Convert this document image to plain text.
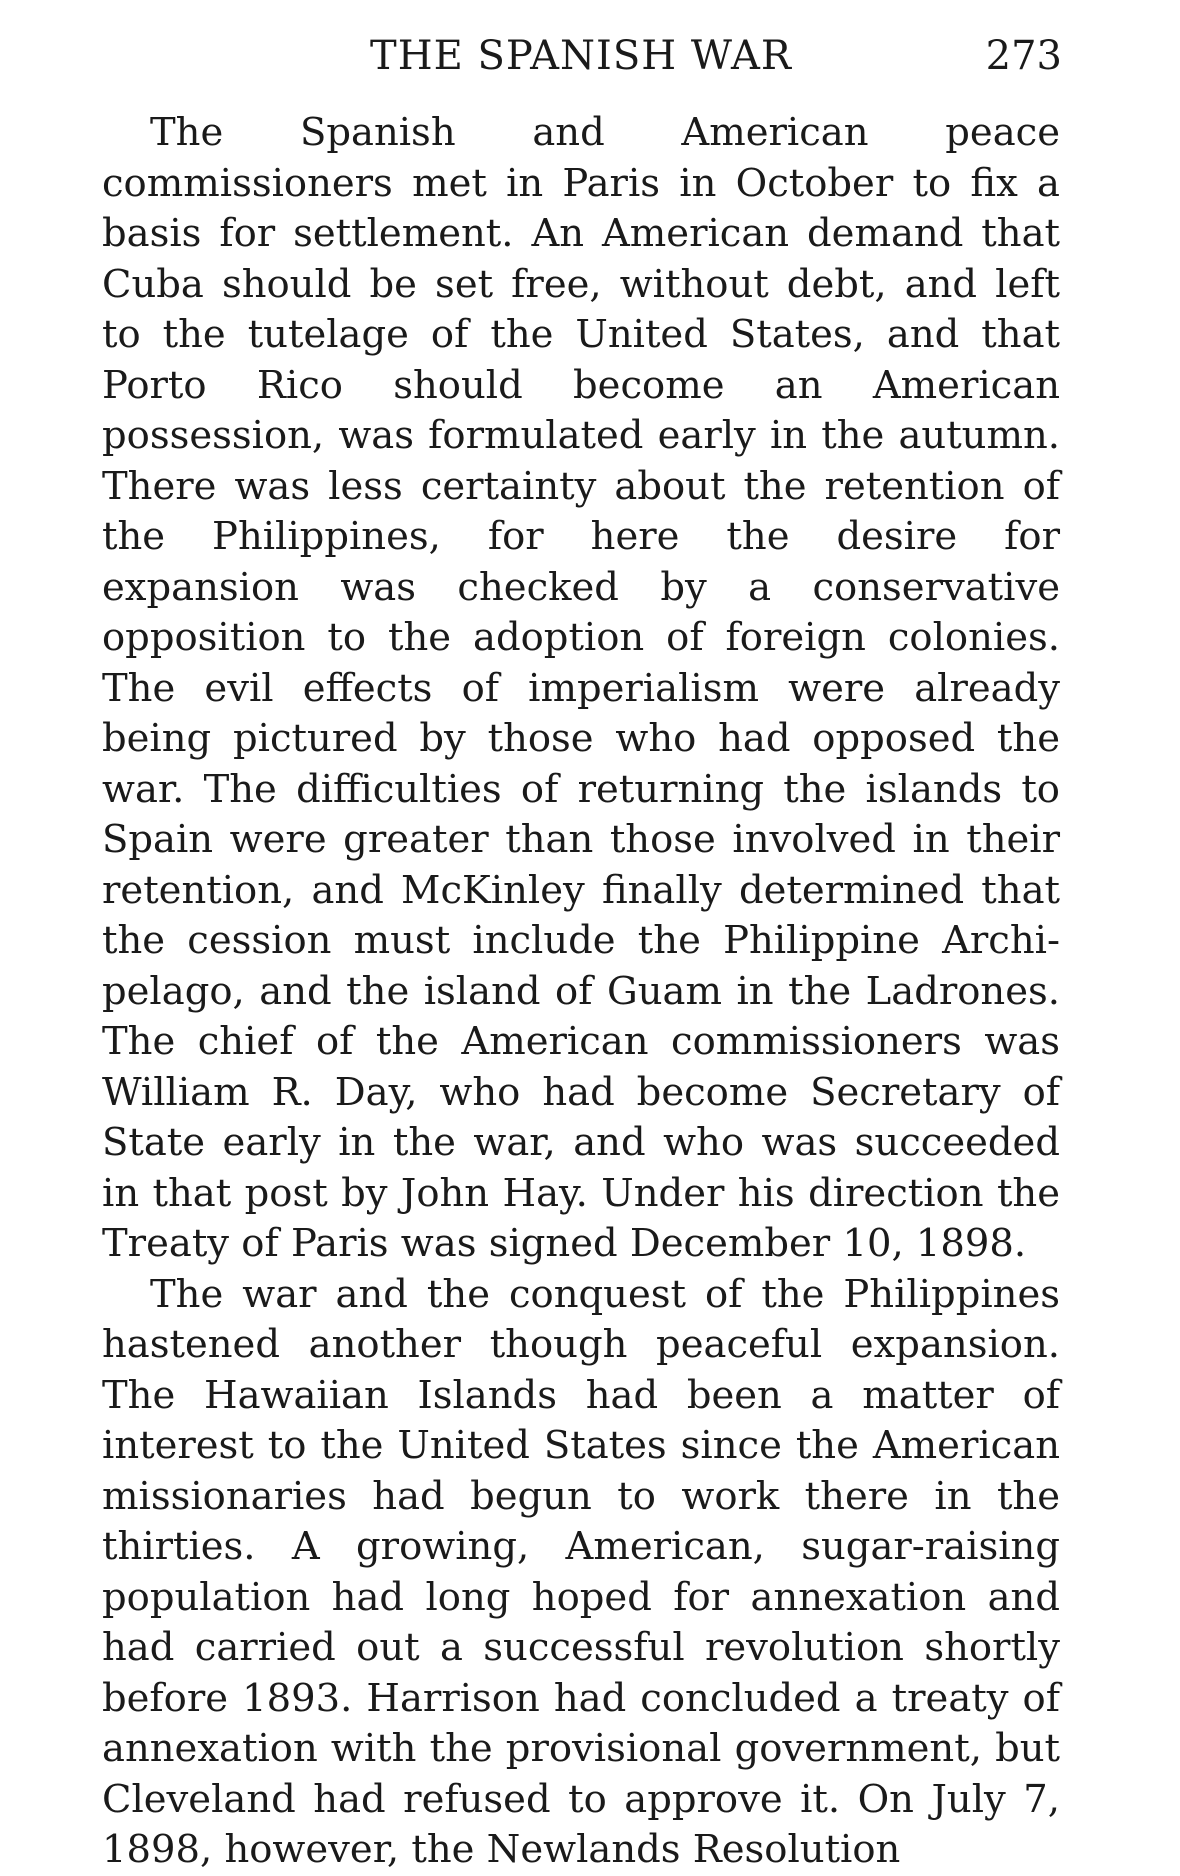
THE SPANISH WAR	273

The Spanish and American peace commissioners met in Paris in October to fix a basis for settlement. An American demand that Cuba should be set free, without debt, and left to the tutelage of the United States, and that Porto Rico should become an American possession, was formulated early in the autumn. There was less certainty about the retention of the Philippines, for here the desire for expansion was checked by a conservative opposition to the adoption of foreign colonies. The evil effects of imperialism were already being pictured by those who had opposed the war. The difficulties of returning the islands to Spain were greater than those involved in their retention, and McKinley finally determined that the cession must include the Philippine Archipelago, and the island of Guam in the Ladrones. The chief of the American commissioners was William R. Day, who had become Secretary of State early in the war, and who was succeeded in that post by John Hay. Under his direction the Treaty of Paris was signed December 10, 1898.

The war and the conquest of the Philippines hastened another though peaceful expansion. The Hawaiian Islands had been a matter of interest to the United States since the American missionaries had begun to work there in the thirties. A growing, American, sugar-raising population had long hoped for annexation and had carried out a successful revolution shortly before 1893. Harrison had concluded a treaty of annexation with the provisional government, but Cleveland had refused to approve it. On July 7, 1898, however, the Newlands Resolution
